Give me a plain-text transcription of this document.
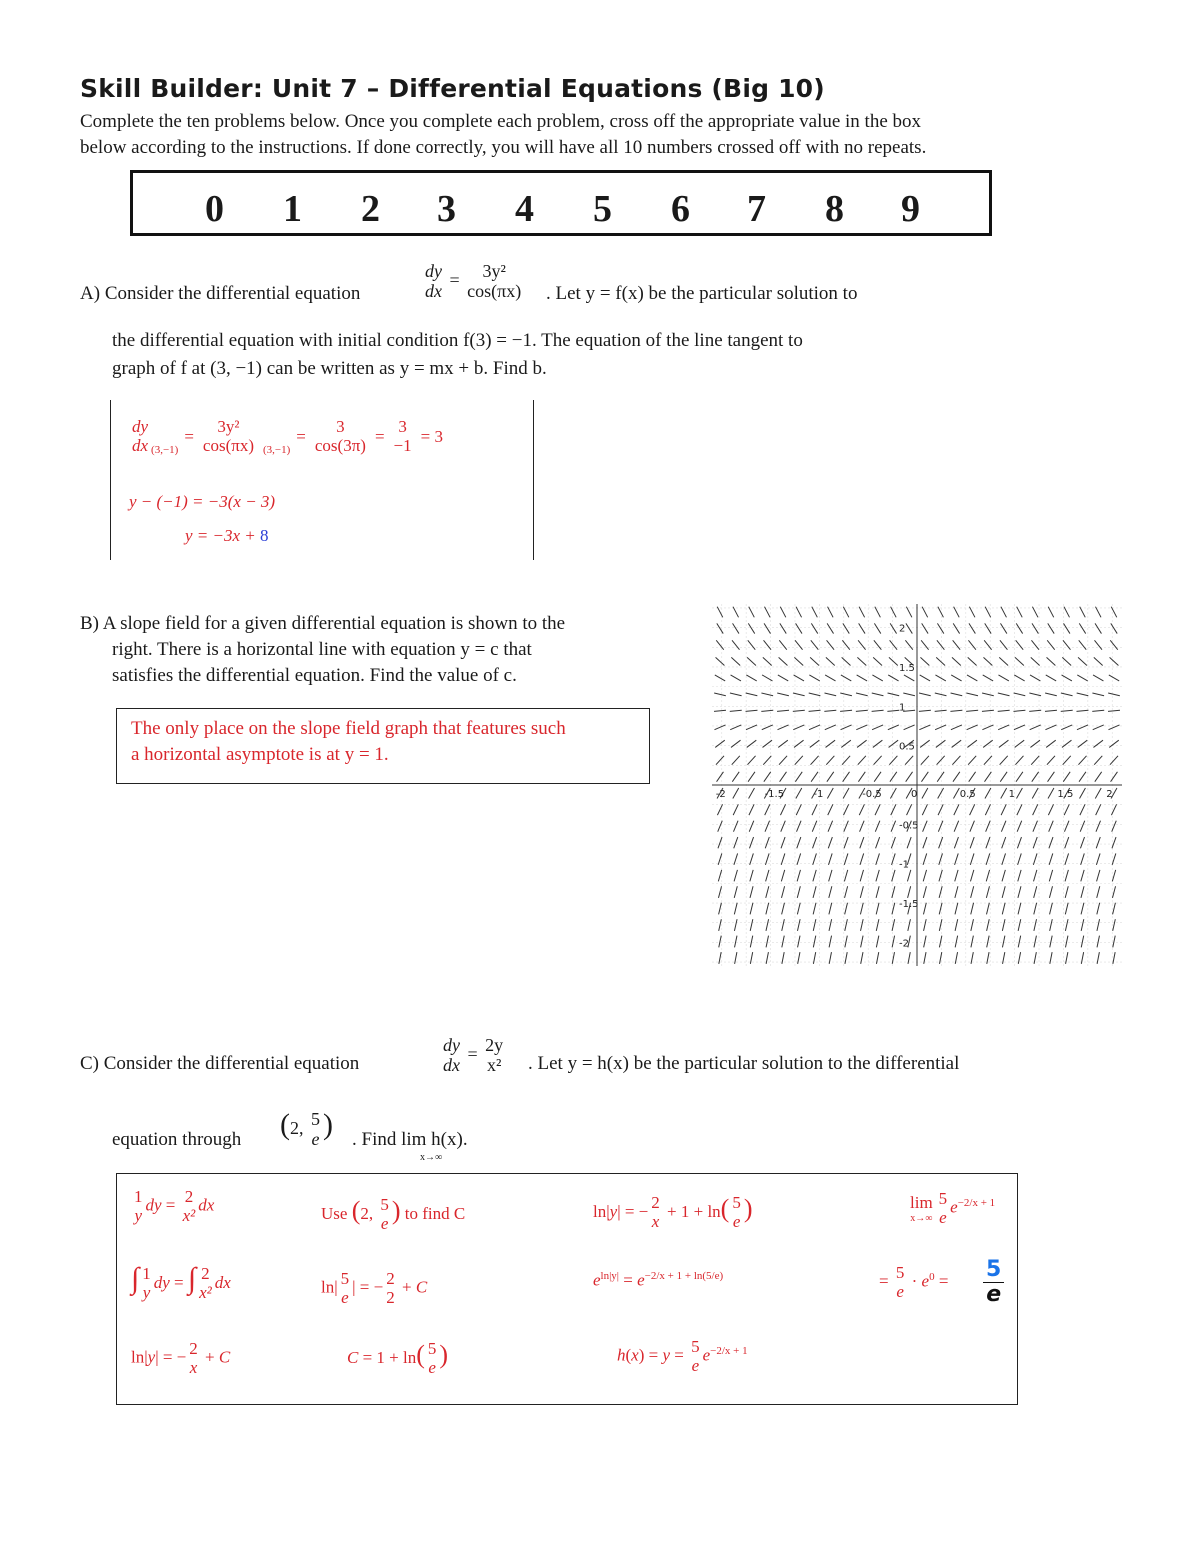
Skill Builder: Unit 7 – Differential Equations (Big 10)
Complete the ten problems below. Once you complete each problem, cross off the appropriate value in the box
below according to the instructions. If done correctly, you will have all 10 numbers crossed off with no repeats.
0 1 2 3 4 5 6 7 8 9
A) Consider the differential equation
dy
dx
= 3y²
cos(πx) . Let y = f(x) be the particular solution to
the differential equation with initial condition f(3) = −1. The equation of the line tangent to
graph of f at (3, −1) can be written as y = mx + b. Find b.
dy
dx (3,−1)
=
3y²
cos(πx) (3,−1)
=
3
cos(3π) =
3
−1 = 3
y − (−1) = −3(x − 3)
y = −3x + 8
B) A slope field for a given differential equation is shown to the
right. There is a horizontal line with equation y = c that
satisfies the differential equation. Find the value of c.
The only place on the slope field graph that features such
a horizontal asymptote is at y = 1.
-2	-1.5	-1	-0.5	0	0.5	1	1.5	2
2
1.5
1
0.5
-0.5
-1
-1.5
-2
C) Consider the differential equation
dy
dx
= 2y
x² . Let y = h(x) be the particular solution to the differential
equation through (2, 5
e ) . Find lim h(x).
x→∞
1
y
dy = 2
x²
dx
∫ 1
y
dy = ∫ 2
x²
dx
ln|y| = − 2
x
+ C
Use (2, 5
e ) to find C
ln| 5
e
| = − 2
2
+ C
C = 1 + ln( 5
e )
ln|y| = − 2
x
+ 1 + ln( 5
e )
$e^{ln|y|} = e^{-2/x + 1 + ln(5/e)}$
h(x) = y = 5
e
$e^{-2/x + 1}$
lim
x→∞
5
e
$e^{-2/x + 1}$
= 5
e
· $e^0 = \frac{5}{e}$
